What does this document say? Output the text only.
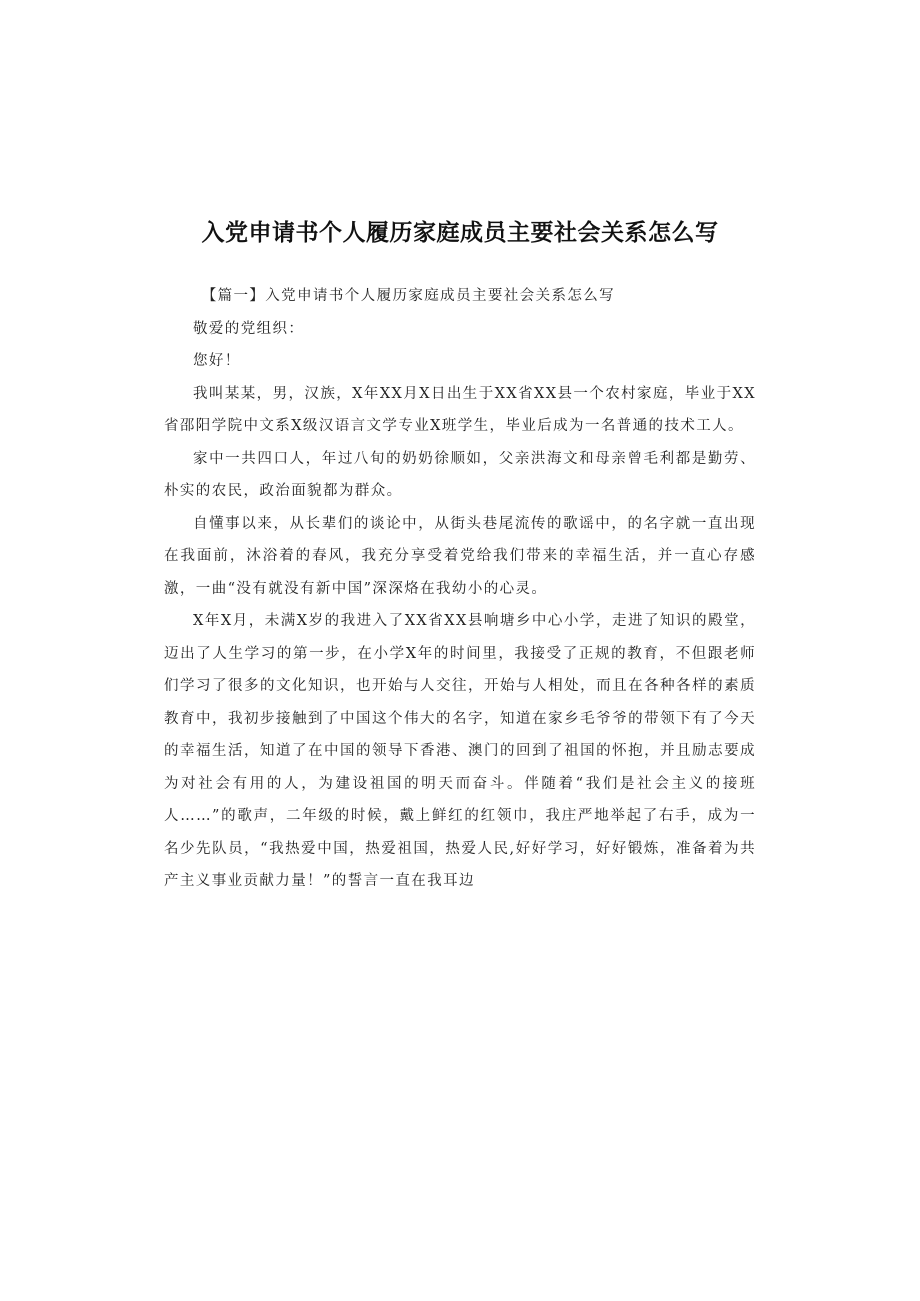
入党申请书个人履历家庭成员主要社会关系怎么写

【篇一】入党申请书个人履历家庭成员主要社会关系怎么写

敬爱的党组织：

您好！

我叫某某，男，汉族，X年XX月X日出生于XX省XX县一个农村家庭，毕业于XX省邵阳学院中文系X级汉语言文学专业X班学生，毕业后成为一名普通的技术工人。

家中一共四口人，年过八旬的奶奶徐顺如，父亲洪海文和母亲曾毛利都是勤劳、朴实的农民，政治面貌都为群众。

自懂事以来，从长辈们的谈论中，从街头巷尾流传的歌谣中，的名字就一直出现在我面前，沐浴着的春风，我充分享受着党给我们带来的幸福生活，并一直心存感激，一曲“没有就没有新中国”深深烙在我幼小的心灵。

X年X月，未满X岁的我进入了XX省XX县响塘乡中心小学，走进了知识的殿堂，迈出了人生学习的第一步，在小学X年的时间里，我接受了正规的教育，不但跟老师们学习了很多的文化知识，也开始与人交往，开始与人相处，而且在各种各样的素质教育中，我初步接触到了中国这个伟大的名字，知道在家乡毛爷爷的带领下有了今天的幸福生活，知道了在中国的领导下香港、澳门的回到了祖国的怀抱，并且励志要成为对社会有用的人，为建设祖国的明天而奋斗。伴随着“我们是社会主义的接班人……”的歌声，二年级的时候，戴上鲜红的红领巾，我庄严地举起了右手，成为一名少先队员，“我热爱中国，热爱祖国，热爱人民,好好学习，好好锻炼，准备着为共产主义事业贡献力量！”的誓言一直在我耳边
